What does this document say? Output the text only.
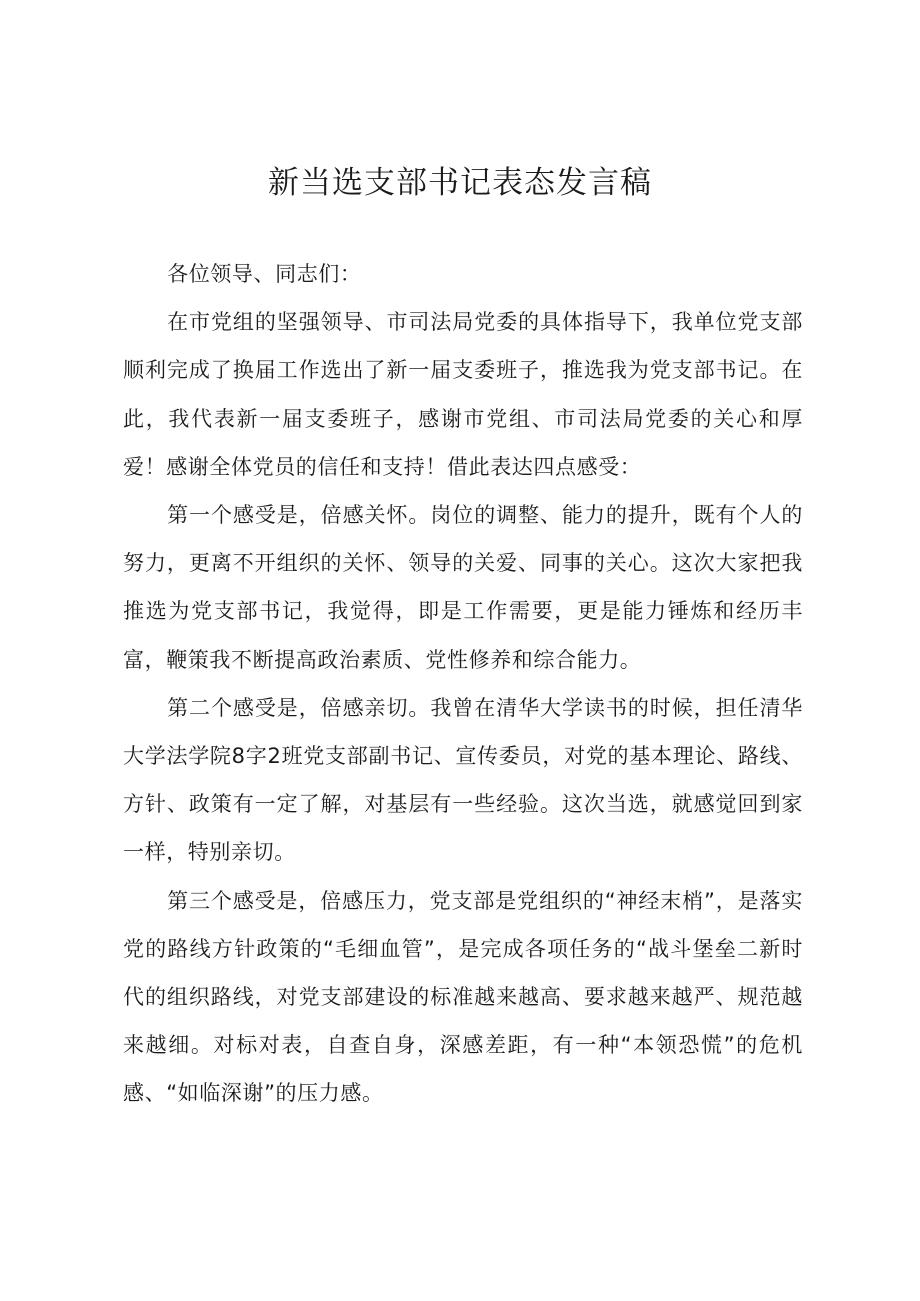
新当选支部书记表态发言稿

各位领导、同志们：

在市党组的坚强领导、市司法局党委的具体指导下，我单位党支部顺利完成了换届工作选出了新一届支委班子，推选我为党支部书记。在此，我代表新一届支委班子，感谢市党组、市司法局党委的关心和厚爱！感谢全体党员的信任和支持！借此表达四点感受：

第一个感受是，倍感关怀。岗位的调整、能力的提升，既有个人的努力，更离不开组织的关怀、领导的关爱、同事的关心。这次大家把我推选为党支部书记，我觉得，即是工作需要，更是能力锤炼和经历丰富，鞭策我不断提高政治素质、党性修养和综合能力。

第二个感受是，倍感亲切。我曾在清华大学读书的时候，担任清华大学法学院8字2班党支部副书记、宣传委员，对党的基本理论、路线、方针、政策有一定了解，对基层有一些经验。这次当选，就感觉回到家一样，特别亲切。

第三个感受是，倍感压力，党支部是党组织的“神经末梢”，是落实党的路线方针政策的“毛细血管”，是完成各项任务的“战斗堡垒二新时代的组织路线，对党支部建设的标准越来越高、要求越来越严、规范越来越细。对标对表，自查自身，深感差距，有一种“本领恐慌”的危机感、“如临深谢”的压力感。
